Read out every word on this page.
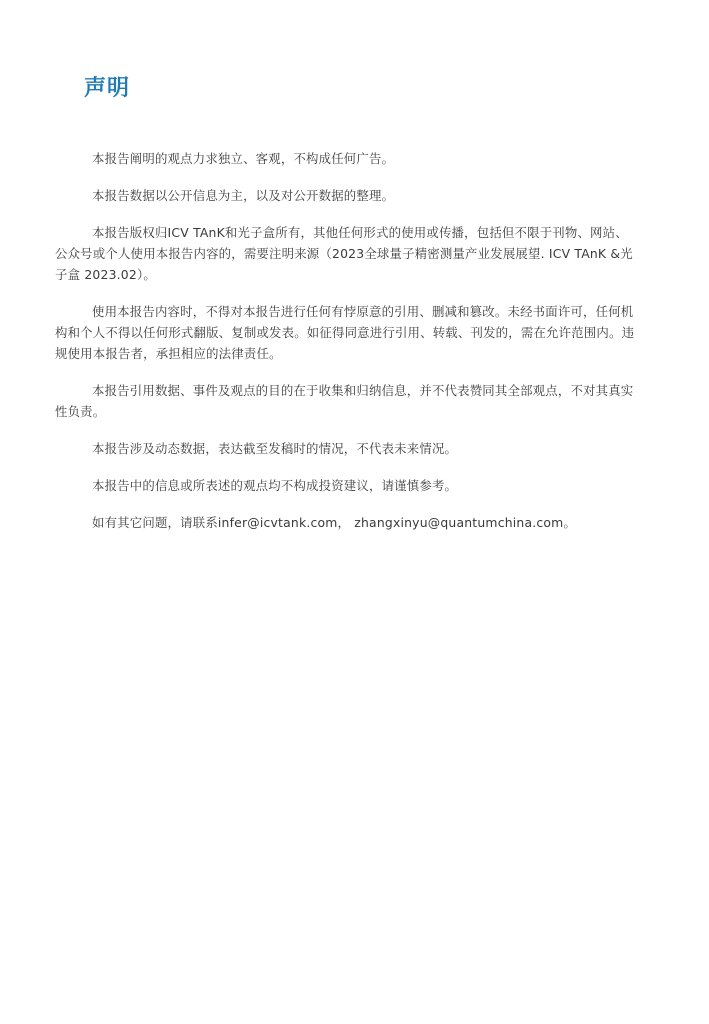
声明

本报告阐明的观点力求独立、客观，不构成任何广告。

本报告数据以公开信息为主，以及对公开数据的整理。

本报告版权归ICV TAnK和光子盒所有，其他任何形式的使用或传播，包括但不限于刊物、网站、公众号或个人使用本报告内容的，需要注明来源（2023全球量子精密测量产业发展展望. ICV TAnK &光子盒 2023.02）。

使用本报告内容时，不得对本报告进行任何有悖原意的引用、删减和篡改。未经书面许可，任何机构和个人不得以任何形式翻版、复制或发表。如征得同意进行引用、转载、刊发的，需在允许范围内。违规使用本报告者，承担相应的法律责任。

本报告引用数据、事件及观点的目的在于收集和归纳信息，并不代表赞同其全部观点，不对其真实性负责。

本报告涉及动态数据，表达截至发稿时的情况，不代表未来情况。

本报告中的信息或所表述的观点均不构成投资建议，请谨慎参考。

如有其它问题，请联系infer@icvtank.com， zhangxinyu@quantumchina.com。
